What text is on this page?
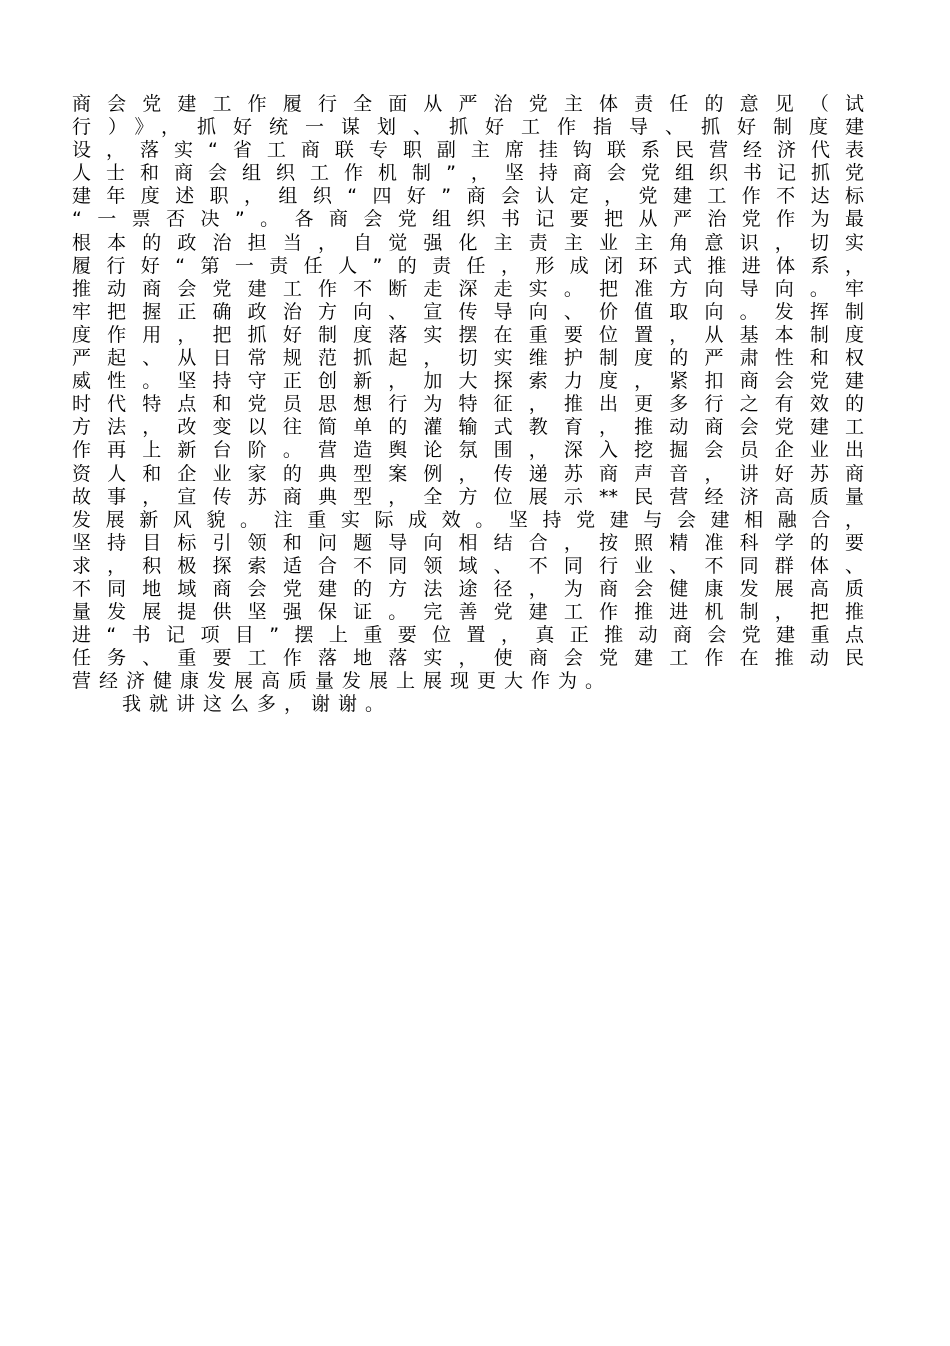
商会党建工作履行全面从严治党主体责任的意见（试
行）》，抓好统一谋划、抓好工作指导、抓好制度建
设，落实“省工商联专职副主席挂钩联系民营经济代表
人士和商会组织工作机制”，坚持商会党组织书记抓党
建年度述职，组织“四好”商会认定，党建工作不达标
“一票否决”。各商会党组织书记要把从严治党作为最
根本的政治担当，自觉强化主责主业主角意识，切实
履行好“第一责任人”的责任，形成闭环式推进体系，
推动商会党建工作不断走深走实。把准方向导向。牢
牢把握正确政治方向、宣传导向、价值取向。发挥制
度作用，把抓好制度落实摆在重要位置，从基本制度
严起、从日常规范抓起，切实维护制度的严肃性和权
威性。坚持守正创新，加大探索力度，紧扣商会党建
时代特点和党员思想行为特征，推出更多行之有效的
方法，改变以往简单的灌输式教育，推动商会党建工
作再上新台阶。营造舆论氛围，深入挖掘会员企业出
资人和企业家的典型案例，传递苏商声音，讲好苏商
故事，宣传苏商典型，全方位展示**民营经济高质量
发展新风貌。注重实际成效。坚持党建与会建相融合，
坚持目标引领和问题导向相结合，按照精准科学的要
求，积极探索适合不同领域、不同行业、不同群体、
不同地域商会党建的方法途径，为商会健康发展高质
量发展提供坚强保证。完善党建工作推进机制，把推
进“书记项目”摆上重要位置，真正推动商会党建重点
任务、重要工作落地落实，使商会党建工作在推动民
营经济健康发展高质量发展上展现更大作为。
我就讲这么多，谢谢。
